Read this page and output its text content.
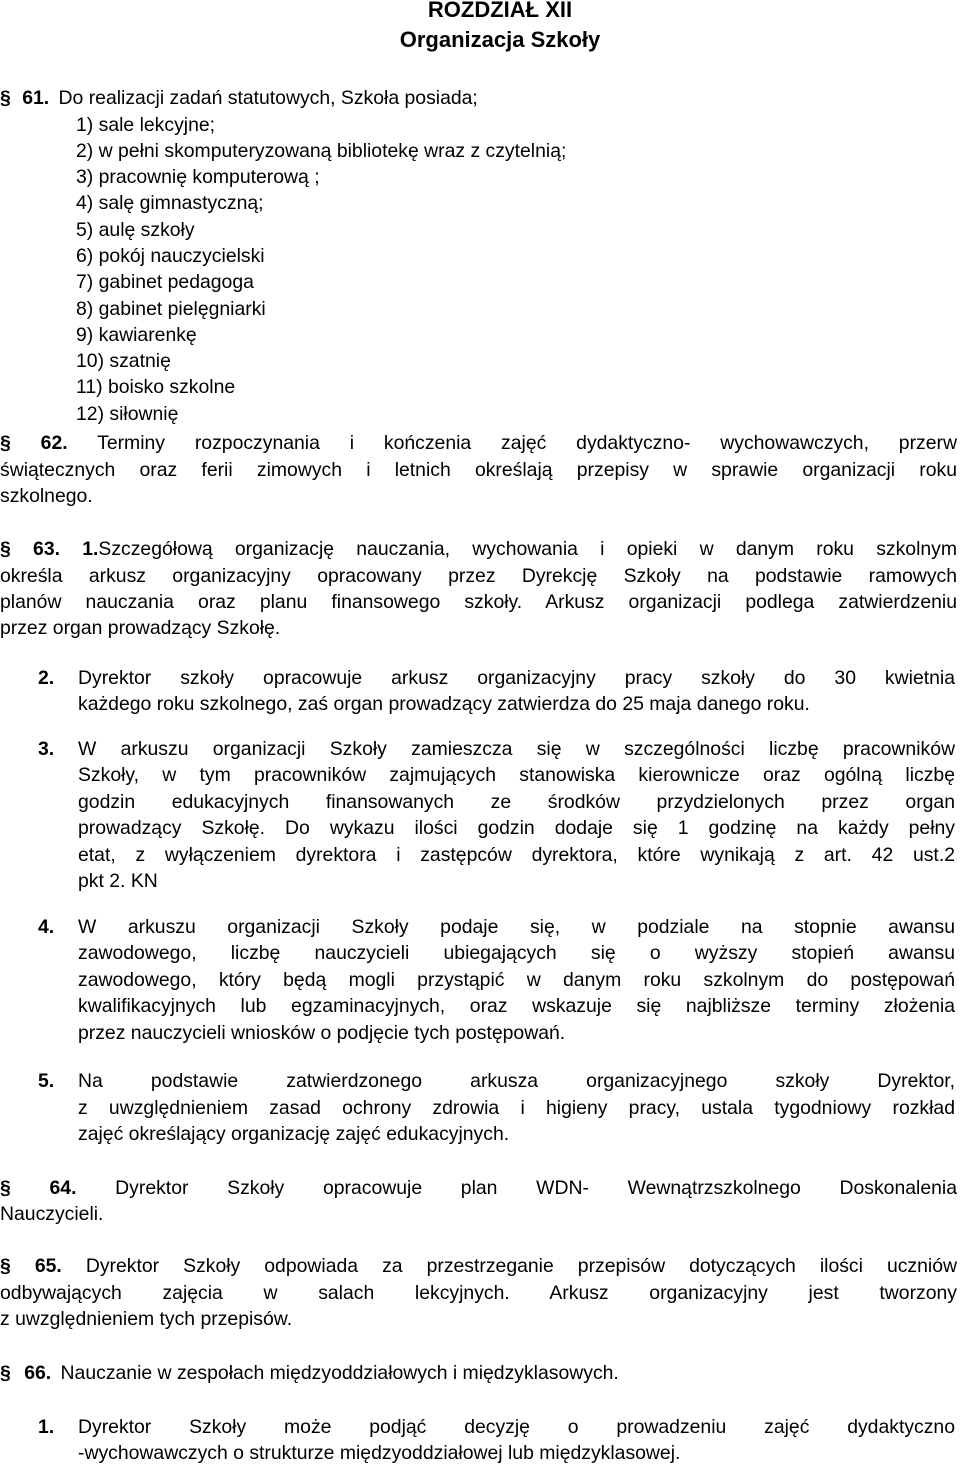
ROZDZIAŁ XII
Organizacja Szkoły
§ 61. Do realizacji zadań statutowych, Szkoła posiada;
1) sale lekcyjne;
2) w pełni skomputeryzowaną bibliotekę wraz z czytelnią;
3) pracownię komputerową ;
4) salę gimnastyczną;
5) aulę szkoły
6) pokój nauczycielski
7) gabinet pedagoga
8) gabinet pielęgniarki
9) kawiarenkę
10) szatnię
11) boisko szkolne
12) siłownię
§ 62. Terminy rozpoczynania i kończenia zajęć dydaktyczno- wychowawczych, przerw
świątecznych oraz ferii zimowych i letnich określają przepisy w sprawie organizacji roku
szkolnego.
§ 63. 1.Szczegółową organizację nauczania, wychowania i opieki w danym roku szkolnym
określa arkusz organizacyjny opracowany przez Dyrekcję Szkoły na podstawie ramowych
planów nauczania oraz planu finansowego szkoły. Arkusz organizacji podlega zatwierdzeniu
przez organ prowadzący Szkołę.
2. Dyrektor szkoły opracowuje arkusz organizacyjny pracy szkoły do 30 kwietnia
każdego roku szkolnego, zaś organ prowadzący zatwierdza do 25 maja danego roku.
3. W arkuszu organizacji Szkoły zamieszcza się w szczególności liczbę pracowników
Szkoły, w tym pracowników zajmujących stanowiska kierownicze oraz ogólną liczbę
godzin edukacyjnych finansowanych ze środków przydzielonych przez organ
prowadzący Szkołę. Do wykazu ilości godzin dodaje się 1 godzinę na każdy pełny
etat, z wyłączeniem dyrektora i zastępców dyrektora, które wynikają z art. 42 ust.2
pkt 2. KN
4. W arkuszu organizacji Szkoły podaje się, w podziale na stopnie awansu
zawodowego, liczbę nauczycieli ubiegających się o wyższy stopień awansu
zawodowego, który będą mogli przystąpić w danym roku szkolnym do postępowań
kwalifikacyjnych lub egzaminacyjnych, oraz wskazuje się najbliższe terminy złożenia
przez nauczycieli wniosków o podjęcie tych postępowań.
5. Na podstawie zatwierdzonego arkusza organizacyjnego szkoły Dyrektor,
z uwzględnieniem zasad ochrony zdrowia i higieny pracy, ustala tygodniowy rozkład
zajęć określający organizację zajęć edukacyjnych.
§ 64. Dyrektor Szkoły opracowuje plan WDN- Wewnątrzszkolnego Doskonalenia
Nauczycieli.
§ 65. Dyrektor Szkoły odpowiada za przestrzeganie przepisów dotyczących ilości uczniów
odbywających zajęcia w salach lekcyjnych. Arkusz organizacyjny jest tworzony
z uwzględnieniem tych przepisów.
§ 66. Nauczanie w zespołach międzyoddziałowych i międzyklasowych.
1. Dyrektor Szkoły może podjąć decyzję o prowadzeniu zajęć dydaktyczno
-wychowawczych o strukturze międzyoddziałowej lub międzyklasowej.
